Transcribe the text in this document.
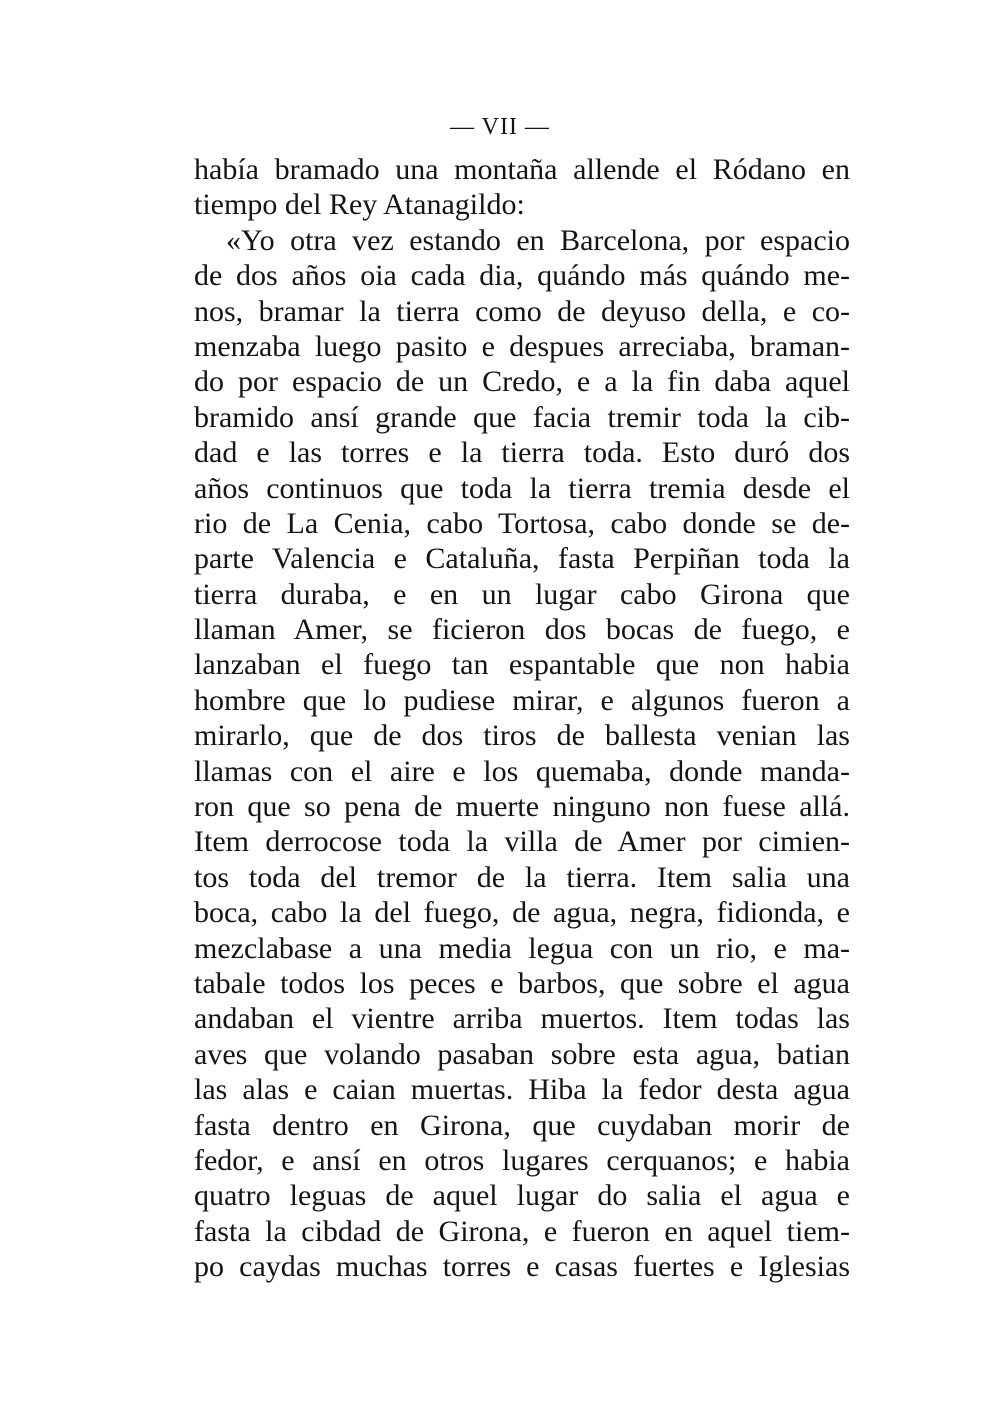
— VII —
había bramado una montaña allende el Ródano en
tiempo del Rey Atanagildo:
«Yo otra vez estando en Barcelona, por espacio
de dos años oia cada dia, quándo más quándo me-
nos, bramar la tierra como de deyuso della, e co-
menzaba luego pasito e despues arreciaba, braman-
do por espacio de un Credo, e a la fin daba aquel
bramido ansí grande que facia tremir toda la cib-
dad e las torres e la tierra toda. Esto duró dos
años continuos que toda la tierra tremia desde el
rio de La Cenia, cabo Tortosa, cabo donde se de-
parte Valencia e Cataluña, fasta Perpiñan toda la
tierra duraba, e en un lugar cabo Girona que
llaman Amer, se ficieron dos bocas de fuego, e
lanzaban el fuego tan espantable que non habia
hombre que lo pudiese mirar, e algunos fueron a
mirarlo, que de dos tiros de ballesta venian las
llamas con el aire e los quemaba, donde manda-
ron que so pena de muerte ninguno non fuese allá.
Item derrocose toda la villa de Amer por cimien-
tos toda del tremor de la tierra. Item salia una
boca, cabo la del fuego, de agua, negra, fidionda, e
mezclabase a una media legua con un rio, e ma-
tabale todos los peces e barbos, que sobre el agua
andaban el vientre arriba muertos. Item todas las
aves que volando pasaban sobre esta agua, batian
las alas e caian muertas. Hiba la fedor desta agua
fasta dentro en Girona, que cuydaban morir de
fedor, e ansí en otros lugares cerquanos; e habia
quatro leguas de aquel lugar do salia el agua e
fasta la cibdad de Girona, e fueron en aquel tiem-
po caydas muchas torres e casas fuertes e Iglesias
